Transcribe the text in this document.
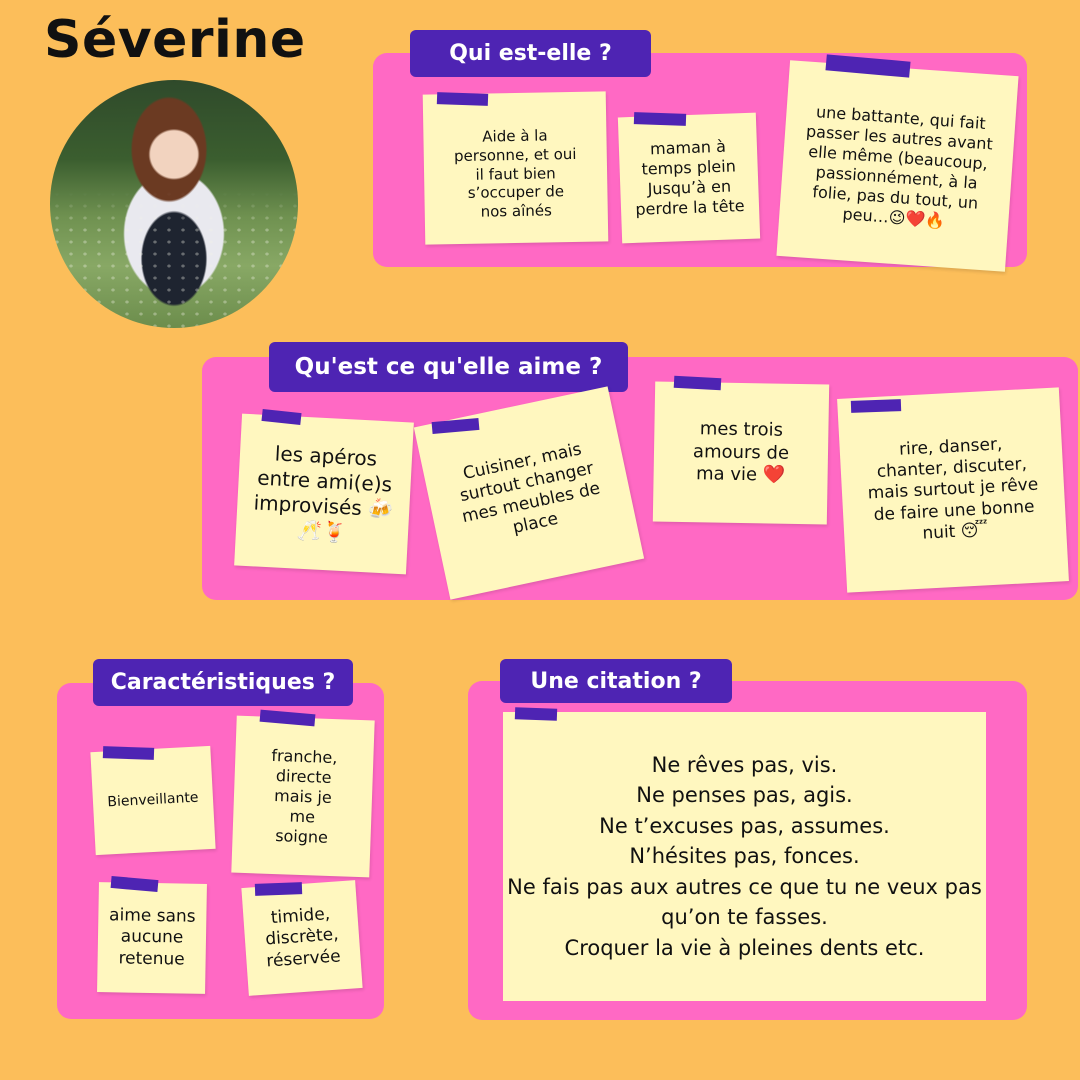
Séverine	Qui est-elle ?
Aide à la personne, et oui il faut bien s’occuper de nos aînés
maman à temps plein Jusqu’à en perdre la tête
une battante, qui fait passer les autres avant elle même (beaucoup, passionnément, à la folie, pas du tout, un peu…😉❤️🔥
Qu'est ce qu'elle aime ?
les apéros entre ami(e)s improvisés 🍻🥂🍹
Cuisiner, mais surtout changer mes meubles de place
mes trois amours de ma vie ❤️
rire, danser, chanter, discuter, mais surtout je rêve de faire une bonne nuit 😴
Caractéristiques ?
Bienveillante
franche, directe mais je me soigne
aime sans aucune retenue
timide, discrète, réservée
Une citation ?
Ne rêves pas, vis.
Ne penses pas, agis.
Ne t’excuses pas, assumes.
N’hésites pas, fonces.
Ne fais pas aux autres ce que tu ne veux pas
qu’on te fasses.
Croquer la vie à pleines dents etc.
